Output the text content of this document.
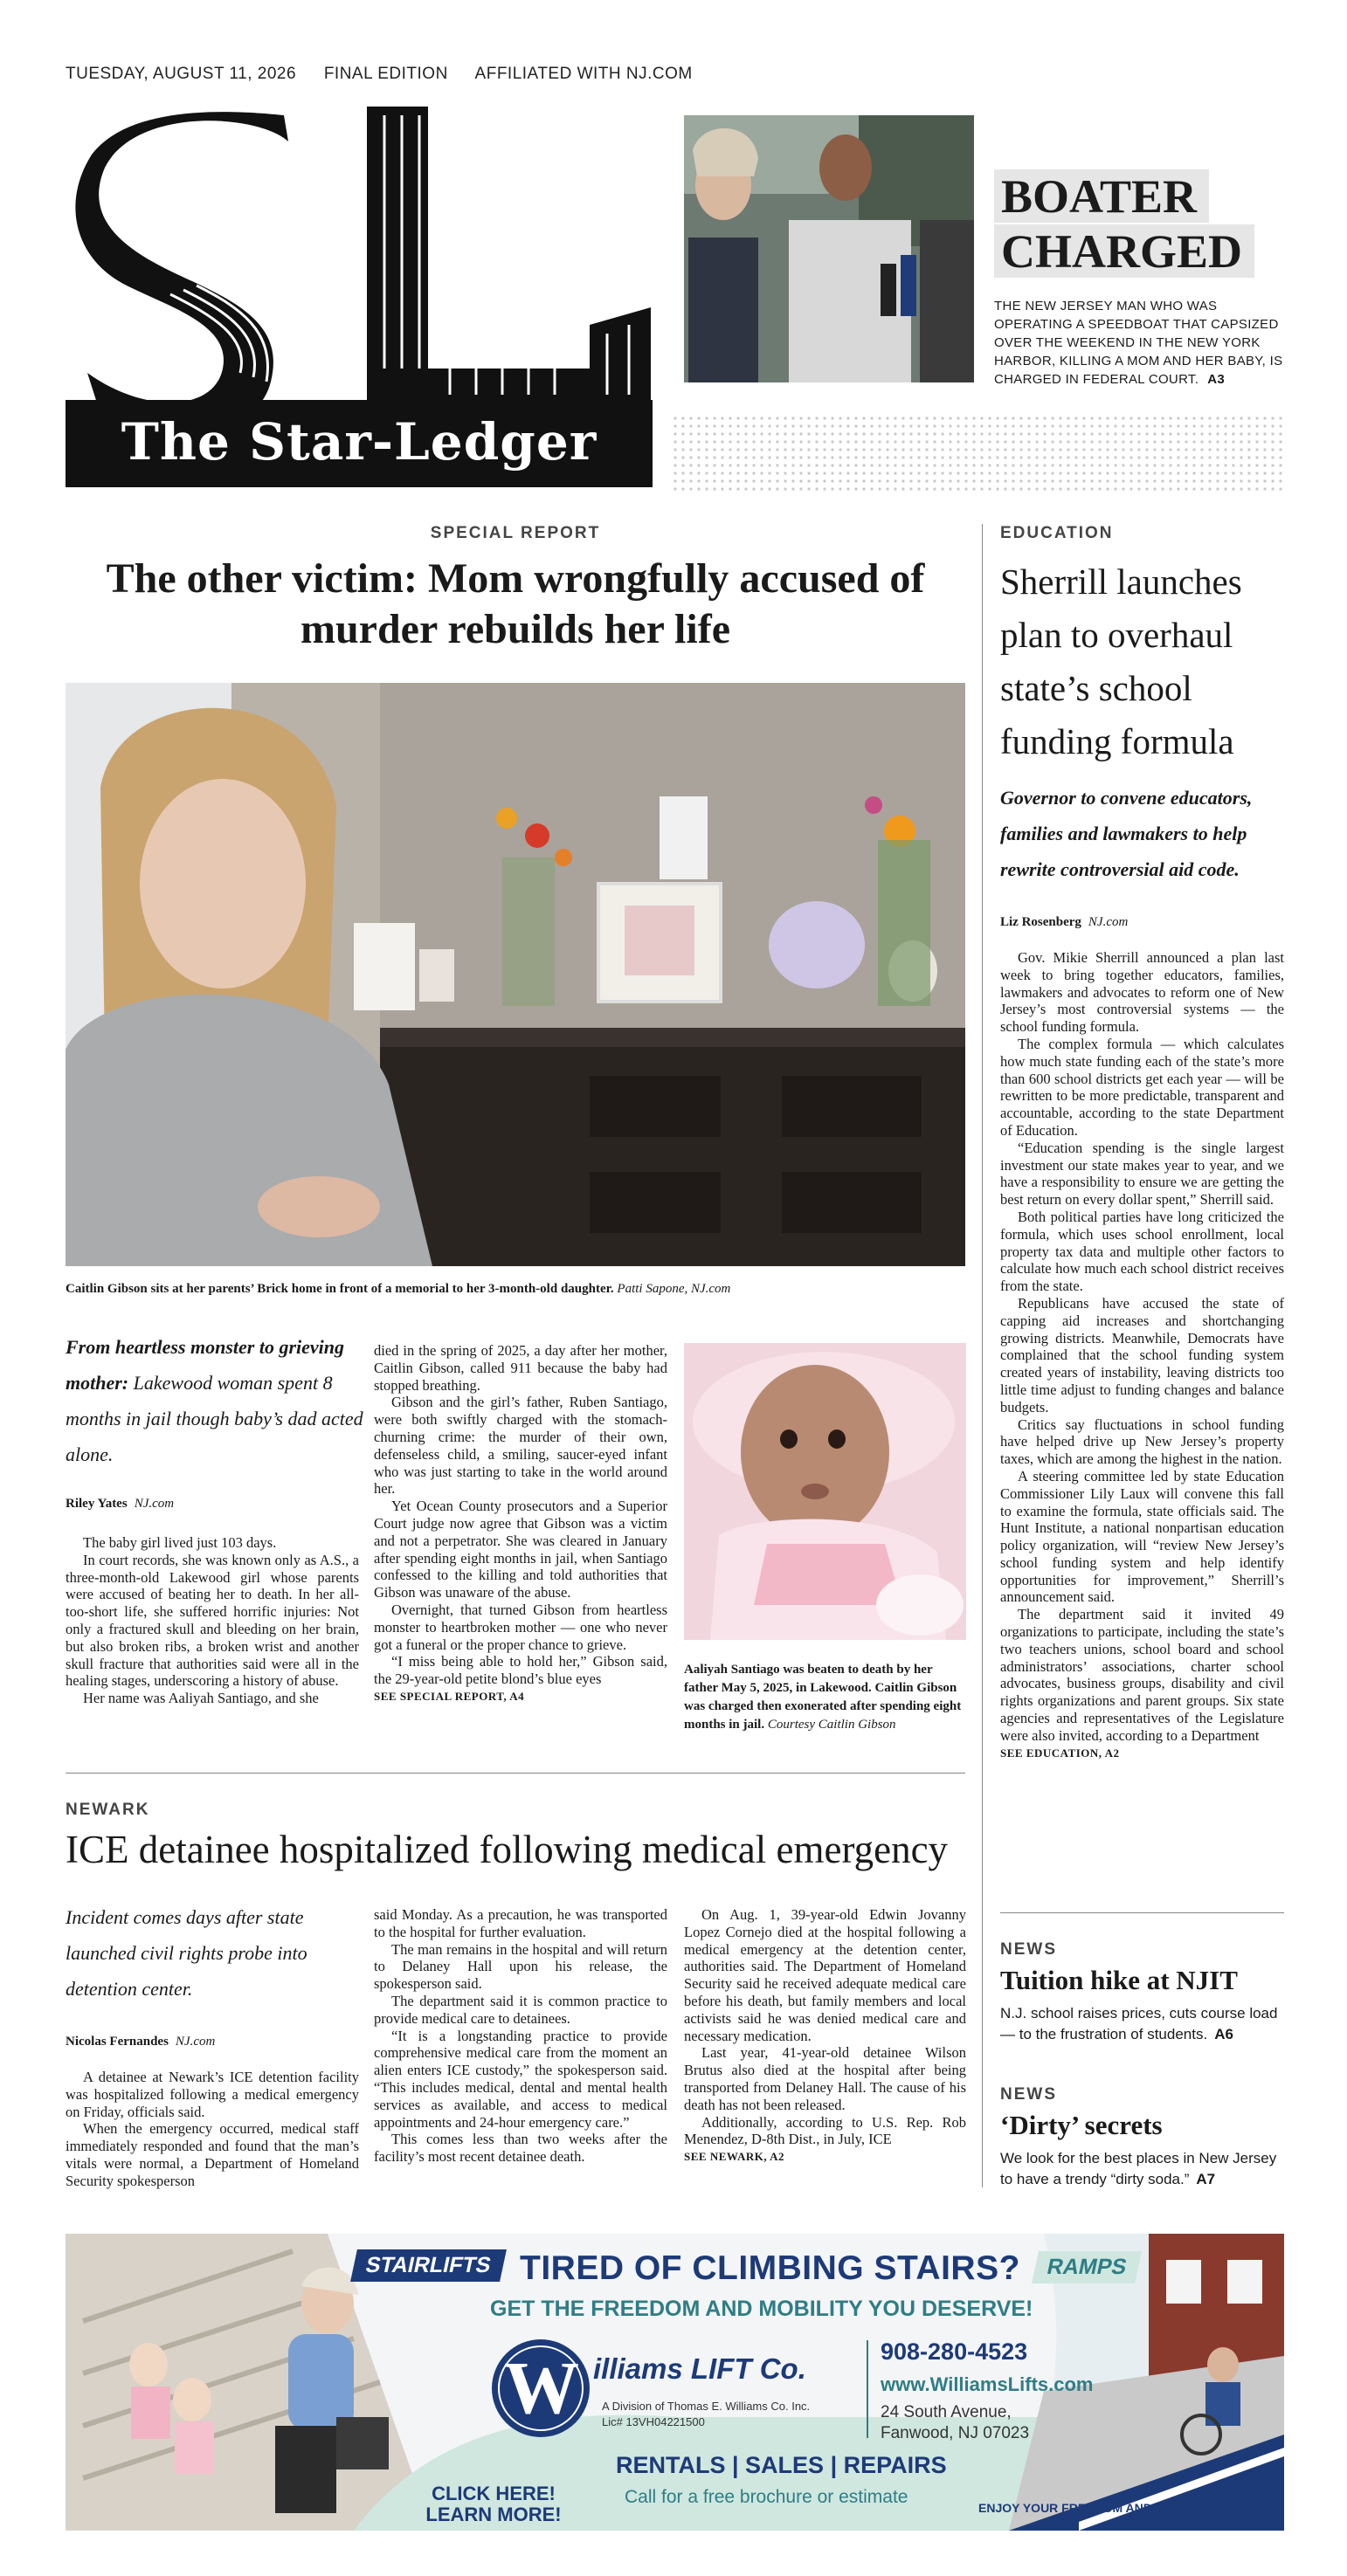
TUESDAY, AUGUST 11, 2026 FINAL EDITION AFFILIATED WITH NJ.COM
The Star-Ledger
BOATER
CHARGED
THE NEW JERSEY MAN WHO WAS OPERATING A SPEEDBOAT THAT CAPSIZED OVER THE WEEKEND IN THE NEW YORK HARBOR, KILLING A MOM AND HER BABY, IS CHARGED IN FEDERAL COURT. A3
SPECIAL REPORT
The other victim: Mom wrongfully accused of murder rebuilds her life
Caitlin Gibson sits at her parents’ Brick home in front of a memorial to her 3-month-old daughter. Patti Sapone, NJ.com
From heartless monster to grieving mother: Lakewood woman spent 8 months in jail though baby’s dad acted alone.
Riley Yates NJ.com

The baby girl lived just 103 days.

In court records, she was known only as A.S., a three-month-old Lakewood girl whose parents were accused of beating her to death. In her all-too-short life, she suffered horrific injuries: Not only a fractured skull and bleeding on her brain, but also broken ribs, a broken wrist and another skull fracture that authorities said were all in the healing stages, underscoring a history of abuse.

Her name was Aaliyah Santiago, and she

died in the spring of 2025, a day after her mother, Caitlin Gibson, called 911 because the baby had stopped breathing.

Gibson and the girl’s father, Ruben Santiago, were both swiftly charged with the stomach-churning crime: the murder of their own, defenseless child, a smiling, saucer-eyed infant who was just starting to take in the world around her.

Yet Ocean County prosecutors and a Superior Court judge now agree that Gibson was a victim and not a perpetrator. She was cleared in January after spending eight months in jail, when Santiago confessed to the killing and told authorities that Gibson was unaware of the abuse.

Overnight, that turned Gibson from heartless monster to heartbroken mother — one who never got a funeral or the proper chance to grieve.

“I miss being able to hold her,” Gibson said, the 29-year-old petite blond’s blue eyes

SEE SPECIAL REPORT, A4
Aaliyah Santiago was beaten to death by her father May 5, 2025, in Lakewood. Caitlin Gibson was charged then exonerated after spending eight months in jail. Courtesy Caitlin Gibson
NEWARK
ICE detainee hospitalized following medical emergency
Incident comes days after state launched civil rights probe into detention center.
Nicolas Fernandes NJ.com

A detainee at Newark’s ICE detention facility was hospitalized following a medical emergency on Friday, officials said.

When the emergency occurred, medical staff immediately responded and found that the man’s vitals were normal, a Department of Homeland Security spokesperson

said Monday. As a precaution, he was transported to the hospital for further evaluation.

The man remains in the hospital and will return to Delaney Hall upon his release, the spokesperson said.

The department said it is common practice to provide medical care to detainees.

“It is a longstanding practice to provide comprehensive medical care from the moment an alien enters ICE custody,” the spokesperson said. “This includes medical, dental and mental health services as available, and access to medical appointments and 24-hour emergency care.”

This comes less than two weeks after the facility’s most recent detainee death.

On Aug. 1, 39-year-old Edwin Jovanny Lopez Cornejo died at the hospital following a medical emergency at the detention center, authorities said. The Department of Homeland Security said he received adequate medical care before his death, but family members and local activists said he was denied medical care and necessary medication.

Last year, 41-year-old detainee Wilson Brutus also died at the hospital after being transported from Delaney Hall. The cause of his death has not been released.

Additionally, according to U.S. Rep. Rob Menendez, D-8th Dist., in July, ICE

SEE NEWARK, A2
EDUCATION
Sherrill launches plan to overhaul state’s school funding formula
Governor to convene educators, families and lawmakers to help rewrite controversial aid code.
Liz Rosenberg NJ.com

Gov. Mikie Sherrill announced a plan last week to bring together educators, families, lawmakers and advocates to reform one of New Jersey’s most controversial systems — the school funding formula.

The complex formula — which calculates how much state funding each of the state’s more than 600 school districts get each year — will be rewritten to be more predictable, transparent and accountable, according to the state Department of Education.

“Education spending is the single largest investment our state makes year to year, and we have a responsibility to ensure we are getting the best return on every dollar spent,” Sherrill said.

Both political parties have long criticized the formula, which uses school enrollment, local property tax data and multiple other factors to calculate how much each school district receives from the state.

Republicans have accused the state of capping aid increases and shortchanging growing districts. Meanwhile, Democrats have complained that the school funding system created years of instability, leaving districts too little time adjust to funding changes and balance budgets.

Critics say fluctuations in school funding have helped drive up New Jersey’s property taxes, which are among the highest in the nation.

A steering committee led by state Education Commissioner Lily Laux will convene this fall to examine the formula, state officials said. The Hunt Institute, a national nonpartisan education policy organization, will “review New Jersey’s school funding system and help identify opportunities for improvement,” Sherrill’s announcement said.

The department said it invited 49 organizations to participate, including the state’s two teachers unions, school board and school administrators’ associations, charter school advocates, business groups, disability and civil rights organizations and parent groups. Six state agencies and representatives of the Legislature were also invited, according to a Department

SEE EDUCATION, A2
NEWS
Tuition hike at NJIT
N.J. school raises prices, cuts course load — to the frustration of students. A6
NEWS
‘Dirty’ secrets
We look for the best places in New Jersey to have a trendy “dirty soda.” A7
STAIRLIFTS	RAMPS
TIRED OF CLIMBING STAIRS?
GET THE FREEDOM AND MOBILITY YOU DESERVE!
W illiams LIFT Co.
A Division of Thomas E. Williams Co. Inc.
Lic# 13VH04221500
908-280-4523
www.WilliamsLifts.com
24 South Avenue,
Fanwood, NJ 07023
RENTALS | SALES | REPAIRS
Call for a free brochure or estimate
CLICK HERE!
LEARN MORE!	ENJOY YOUR FREEDOM AND THE OUTDOORS!
